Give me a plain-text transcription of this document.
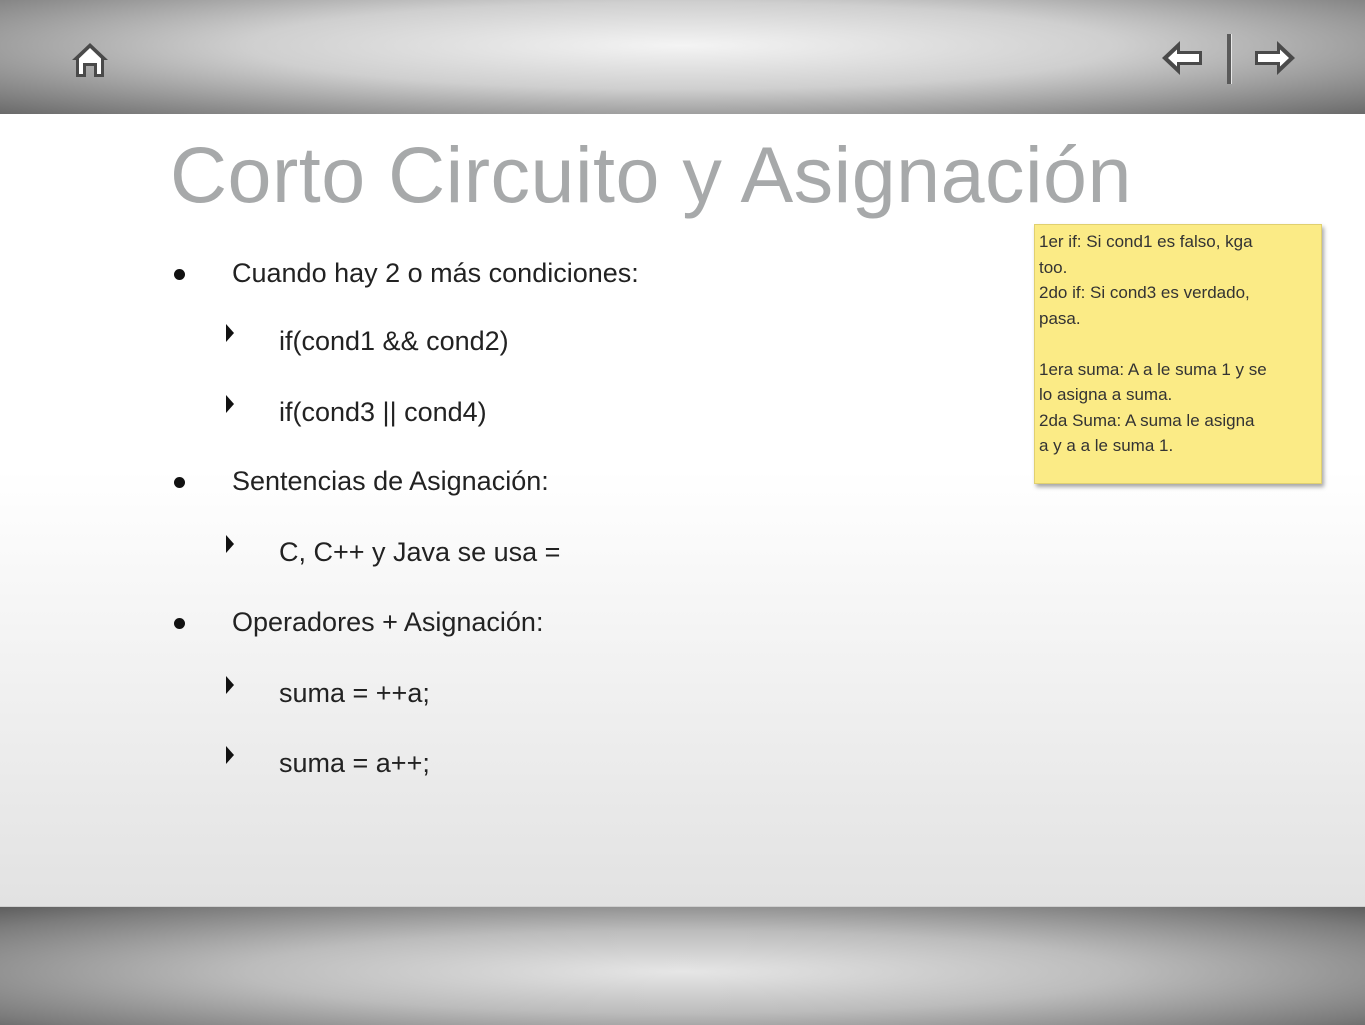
Corto Circuito y Asignación
Cuando hay 2 o más condiciones:
if(cond1 && cond2)
if(cond3 || cond4)
Sentencias de Asignación:
C, C++ y Java se usa =
Operadores + Asignación:
suma = ++a;
suma = a++;
1er if: Si cond1 es falso, kga
too.
2do if: Si cond3 es verdado,
pasa.
1era suma: A a le suma 1 y se
lo asigna a suma.
2da Suma: A suma le asigna
a y a a le suma 1.
